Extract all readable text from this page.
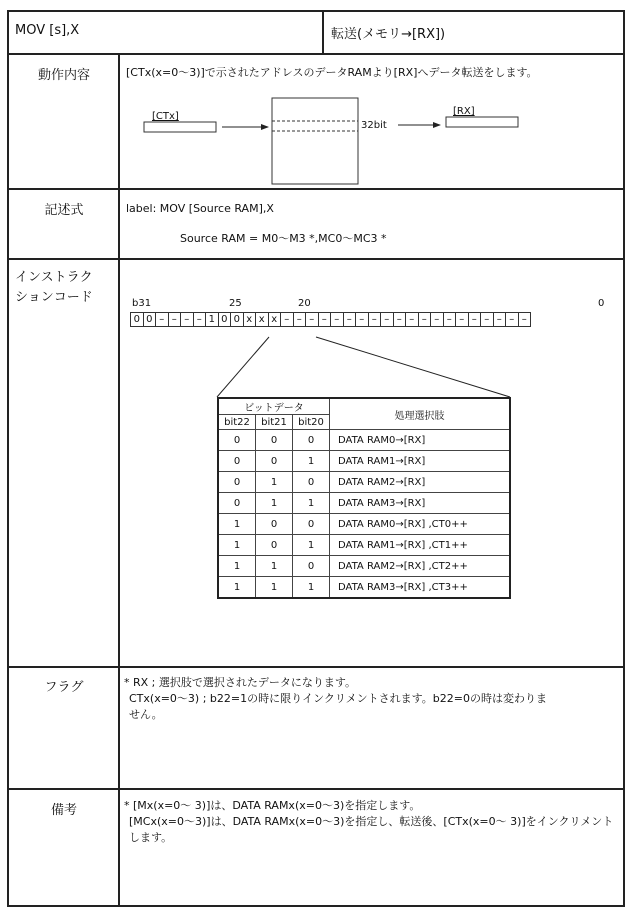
MOV [s],X	転送(メモリ→[RX])
動作内容	[CTx(x=0〜3)]で示されたアドレスのデータRAMより[RX]へデータ転送をします。
記述式	label: MOV [Source RAM],X
Source RAM = M0〜M3 *,MC0〜MC3 *
インストラク
ションコード
フラグ	* RX ; 選択肢で選択されたデータになります。
CTx(x=0〜3) ; b22=1の時に限りインクリメントされます。b22=0の時は変わりま
せん。
備考	* [Mx(x=0〜 3)]は、DATA RAMx(x=0〜3)を指定します。
[MCx(x=0〜3)]は、DATA RAMx(x=0〜3)を指定し、転送後、[CTx(x=0〜 3)]をインクリメント
します。
[CTx]
32bit
[RX]
b31	25	20	0
0 0 – – – – 1 0 0 x x x – – – – – – – – – – – – – – – – – – – –
ビットデータ			処理選択肢
bit22	bit21	bit20	
0	0	0	DATA RAM0→[RX]
0	0	1	DATA RAM1→[RX]
0	1	0	DATA RAM2→[RX]
0	1	1	DATA RAM3→[RX]
1	0	0	DATA RAM0→[RX] ,CT0++
1	0	1	DATA RAM1→[RX] ,CT1++
1	1	0	DATA RAM2→[RX] ,CT2++
1	1	1	DATA RAM3→[RX] ,CT3++
